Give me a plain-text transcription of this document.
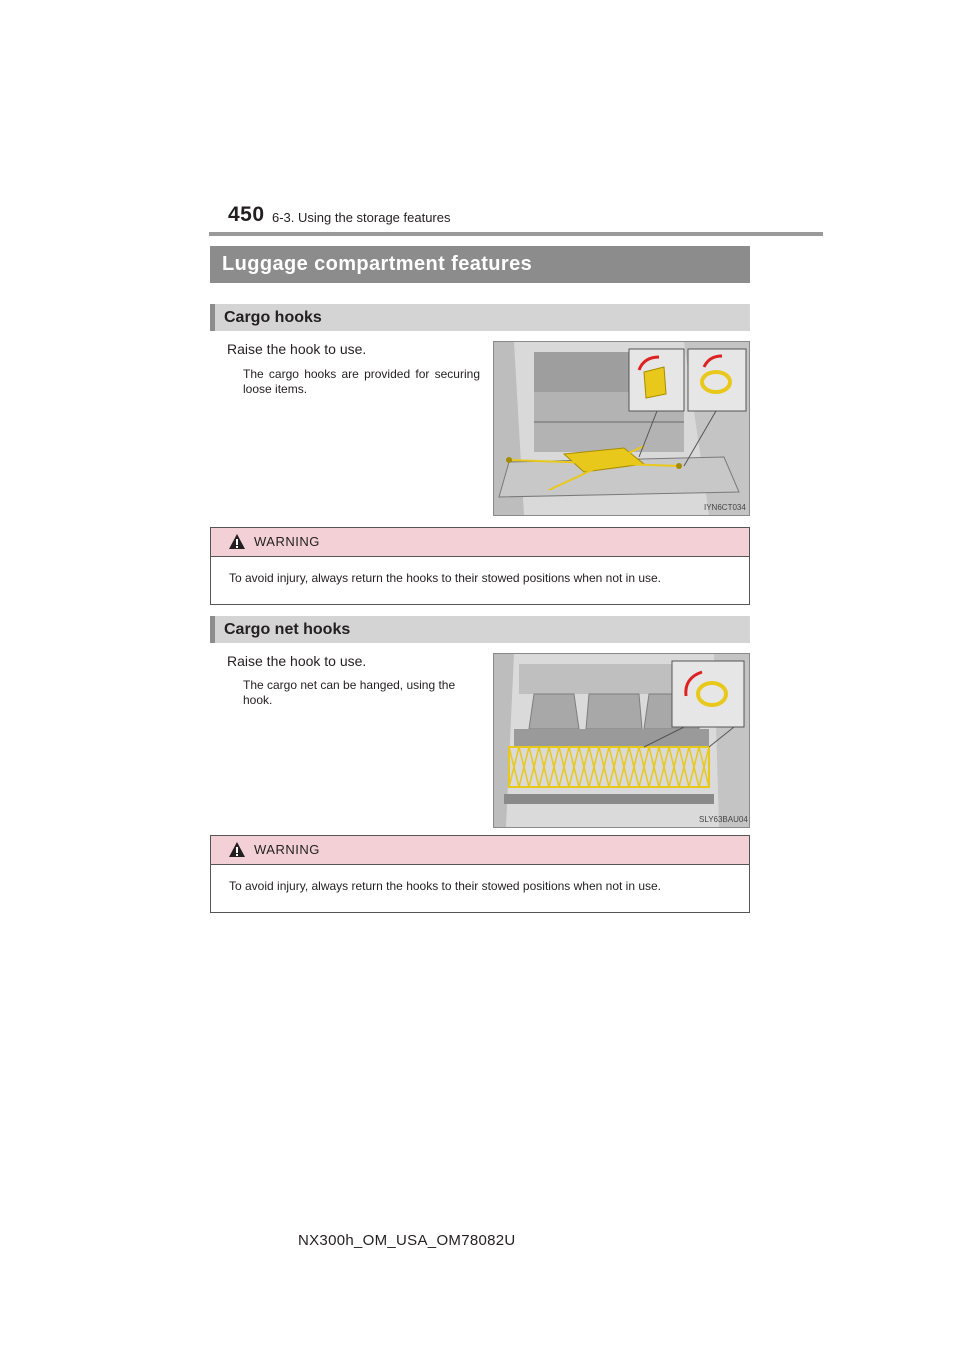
450 6-3. Using the storage features
Luggage compartment features
Cargo hooks
Raise the hook to use.
The cargo hooks are provided for securing loose items.
IYN6CT034
WARNING
To avoid injury, always return the hooks to their stowed positions when not in use.
Cargo net hooks
Raise the hook to use.
The cargo net can be hanged, using the hook.
SLY63BAU04
WARNING
To avoid injury, always return the hooks to their stowed positions when not in use.
NX300h_OM_USA_OM78082U
